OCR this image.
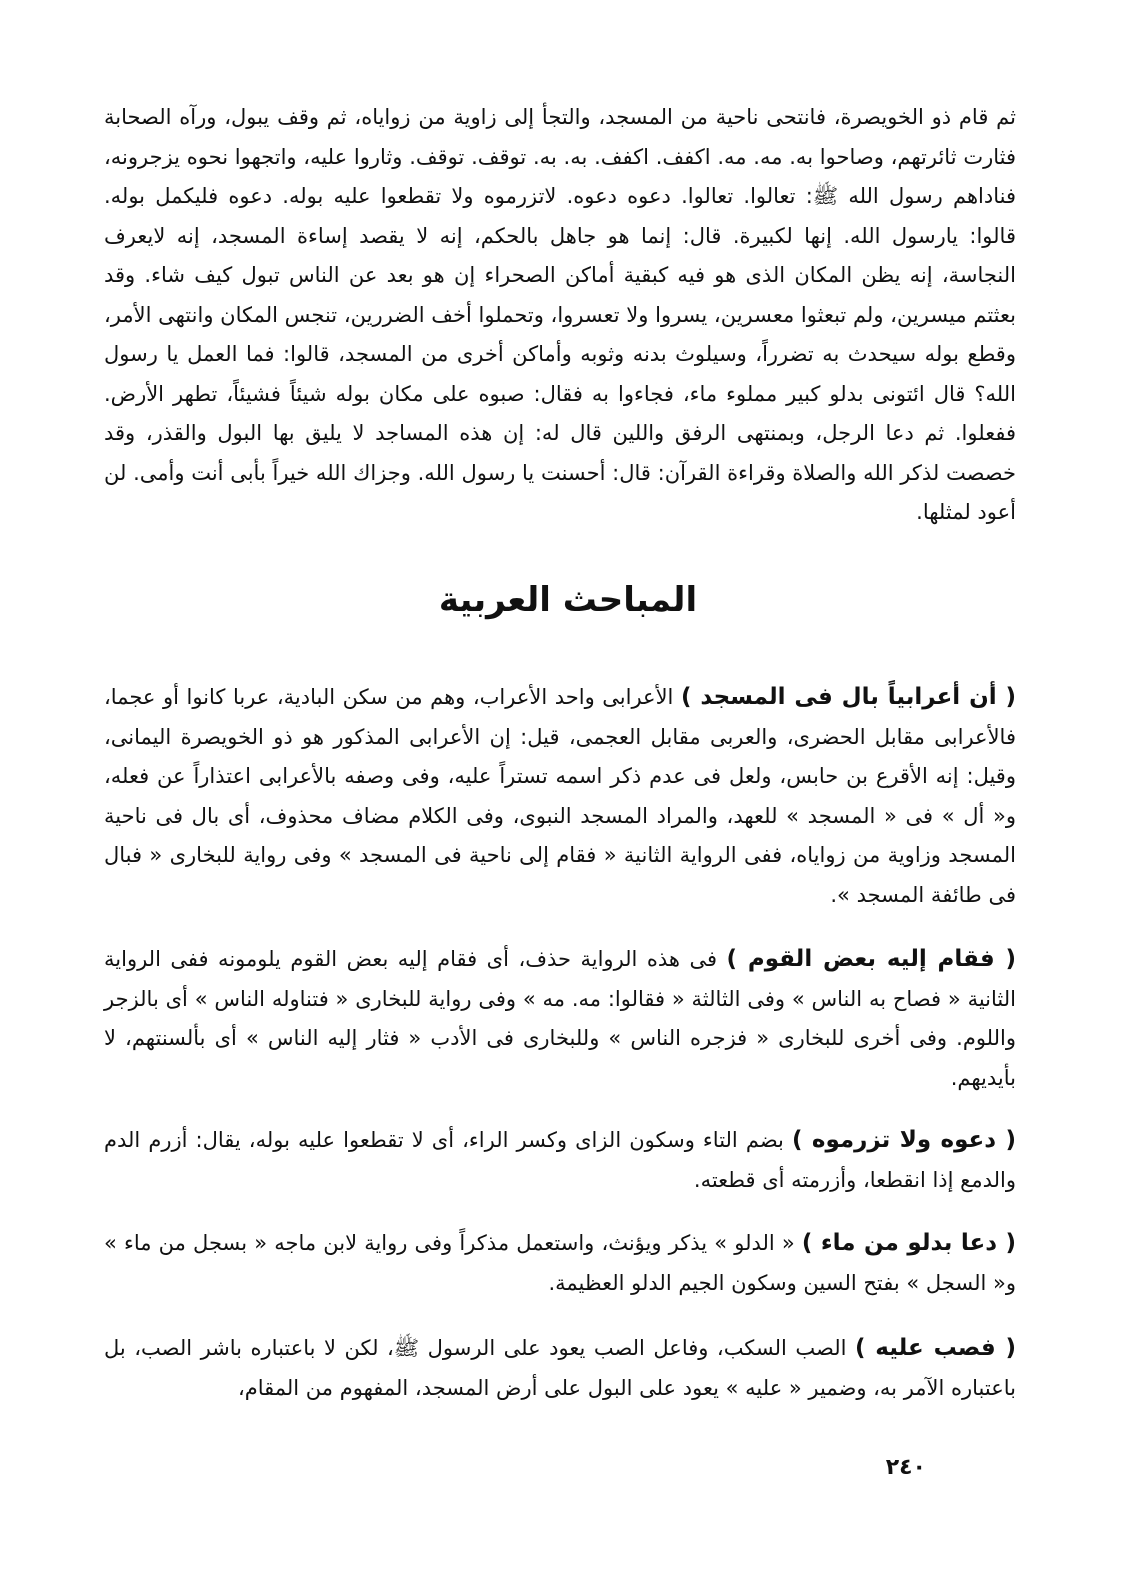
ثم قام ذو الخويصرة، فانتحى ناحية من المسجد، والتجأ إلى زاوية من زواياه، ثم وقف يبول، ورآه الصحابة فثارت ثائرتهم، وصاحوا به. مه. مه. اكفف. اكفف. به. به. توقف. توقف. وثاروا عليه، واتجهوا نحوه يزجرونه، فناداهم رسول الله ﷺ: تعالوا. تعالوا. دعوه دعوه. لاتزرموه ولا تقطعوا عليه بوله. دعوه فليكمل بوله. قالوا: يارسول الله. إنها لكبيرة. قال: إنما هو جاهل بالحكم، إنه لا يقصد إساءة المسجد، إنه لايعرف النجاسة، إنه يظن المكان الذى هو فيه كبقية أماكن الصحراء إن هو بعد عن الناس تبول كيف شاء. وقد بعثتم ميسرين، ولم تبعثوا معسرين، يسروا ولا تعسروا، وتحملوا أخف الضررين، تنجس المكان وانتهى الأمر، وقطع بوله سيحدث به تضرراً، وسيلوث بدنه وثوبه وأماكن أخرى من المسجد، قالوا: فما العمل يا رسول الله؟ قال ائتونى بدلو كبير مملوء ماء، فجاءوا به فقال: صبوه على مكان بوله شيئاً فشيئاً، تطهر الأرض. ففعلوا. ثم دعا الرجل، وبمنتهى الرفق واللين قال له: إن هذه المساجد لا يليق بها البول والقذر، وقد خصصت لذكر الله والصلاة وقراءة القرآن: قال: أحسنت يا رسول الله. وجزاك الله خيراً بأبى أنت وأمى. لن أعود لمثلها.

المباحث العربية

( أن أعرابياً بال فى المسجد ) الأعرابى واحد الأعراب، وهم من سكن البادية، عربا كانوا أو عجما، فالأعرابى مقابل الحضرى، والعربى مقابل العجمى، قيل: إن الأعرابى المذكور هو ذو الخويصرة اليمانى، وقيل: إنه الأقرع بن حابس، ولعل فى عدم ذكر اسمه تستراً عليه، وفى وصفه بالأعرابى اعتذاراً عن فعله، و« أل » فى « المسجد » للعهد، والمراد المسجد النبوى، وفى الكلام مضاف محذوف، أى بال فى ناحية المسجد وزاوية من زواياه، ففى الرواية الثانية « فقام إلى ناحية فى المسجد » وفى رواية للبخارى « فبال فى طائفة المسجد ».

( فقام إليه بعض القوم ) فى هذه الرواية حذف، أى فقام إليه بعض القوم يلومونه ففى الرواية الثانية « فصاح به الناس » وفى الثالثة « فقالوا: مه. مه » وفى رواية للبخارى « فتناوله الناس » أى بالزجر واللوم. وفى أخرى للبخارى « فزجره الناس » وللبخارى فى الأدب « فثار إليه الناس » أى بألسنتهم، لا بأيديهم.

( دعوه ولا تزرموه ) بضم التاء وسكون الزاى وكسر الراء، أى لا تقطعوا عليه بوله، يقال: أزرم الدم والدمع إذا انقطعا، وأزرمته أى قطعته.

( دعا بدلو من ماء ) « الدلو » يذكر ويؤنث، واستعمل مذكراً وفى رواية لابن ماجه « بسجل من ماء » و« السجل » بفتح السين وسكون الجيم الدلو العظيمة.

( فصب عليه ) الصب السكب، وفاعل الصب يعود على الرسول ﷺ، لكن لا باعتباره باشر الصب، بل باعتباره الآمر به، وضمير « عليه » يعود على البول على أرض المسجد، المفهوم من المقام،

٢٤٠
